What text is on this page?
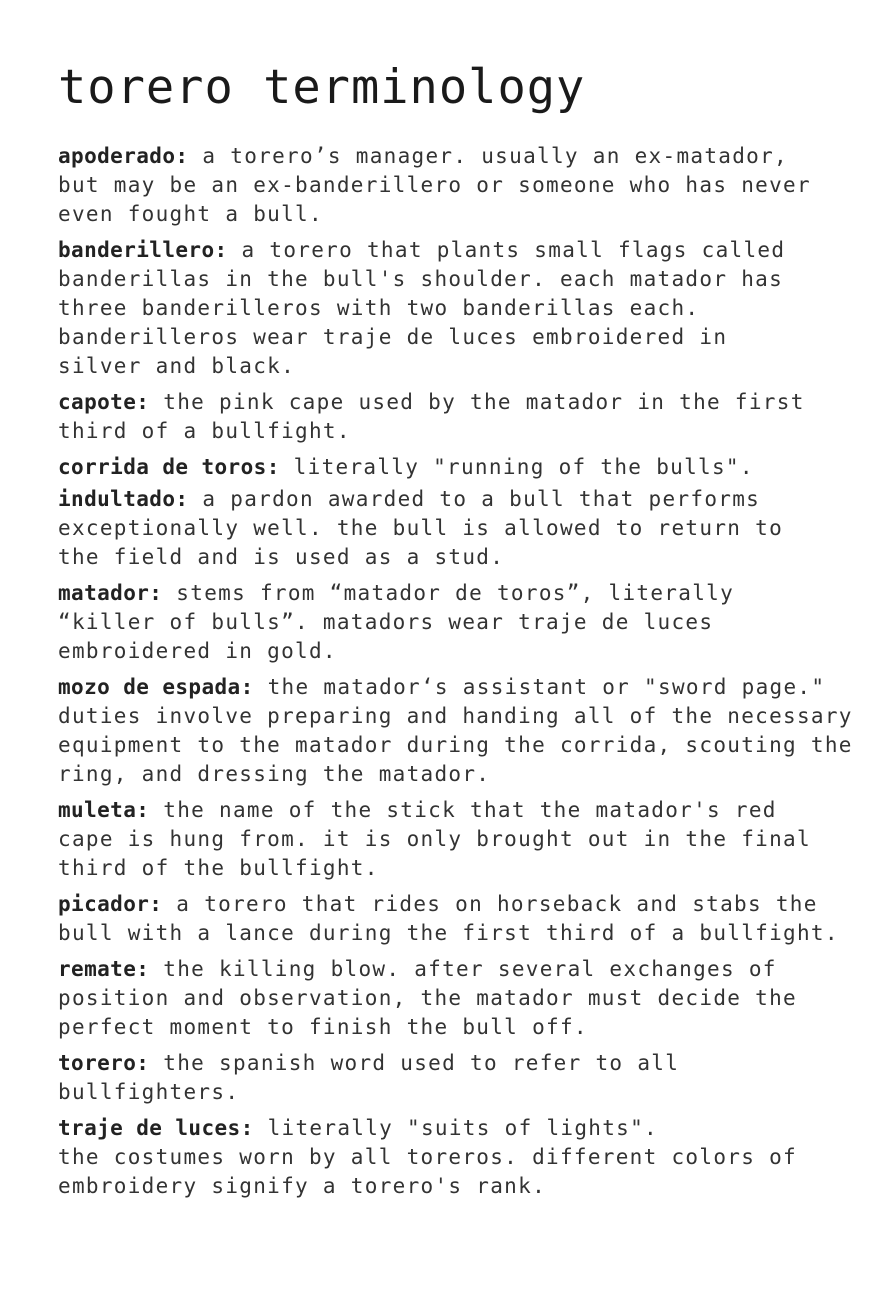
torero terminology
apoderado: a torero’s manager. usually an ex-matador,
but may be an ex-banderillero or someone who has never
even fought a bull.
banderillero: a torero that plants small flags called
banderillas in the bull's shoulder. each matador has
three banderilleros with two banderillas each.
banderilleros wear traje de luces embroidered in
silver and black.
capote: the pink cape used by the matador in the first
third of a bullfight.
corrida de toros: literally "running of the bulls".
indultado: a pardon awarded to a bull that performs
exceptionally well. the bull is allowed to return to
the field and is used as a stud.
matador: stems from “matador de toros”, literally
“killer of bulls”. matadors wear traje de luces
embroidered in gold.
mozo de espada: the matador‘s assistant or "sword page."
duties involve preparing and handing all of the necessary
equipment to the matador during the corrida, scouting the
ring, and dressing the matador.
muleta: the name of the stick that the matador's red
cape is hung from. it is only brought out in the final
third of the bullfight.
picador: a torero that rides on horseback and stabs the
bull with a lance during the first third of a bullfight.
remate: the killing blow. after several exchanges of
position and observation, the matador must decide the
perfect moment to finish the bull off.
torero: the spanish word used to refer to all
bullfighters.
traje de luces: literally "suits of lights".
the costumes worn by all toreros. different colors of
embroidery signify a torero's rank.
